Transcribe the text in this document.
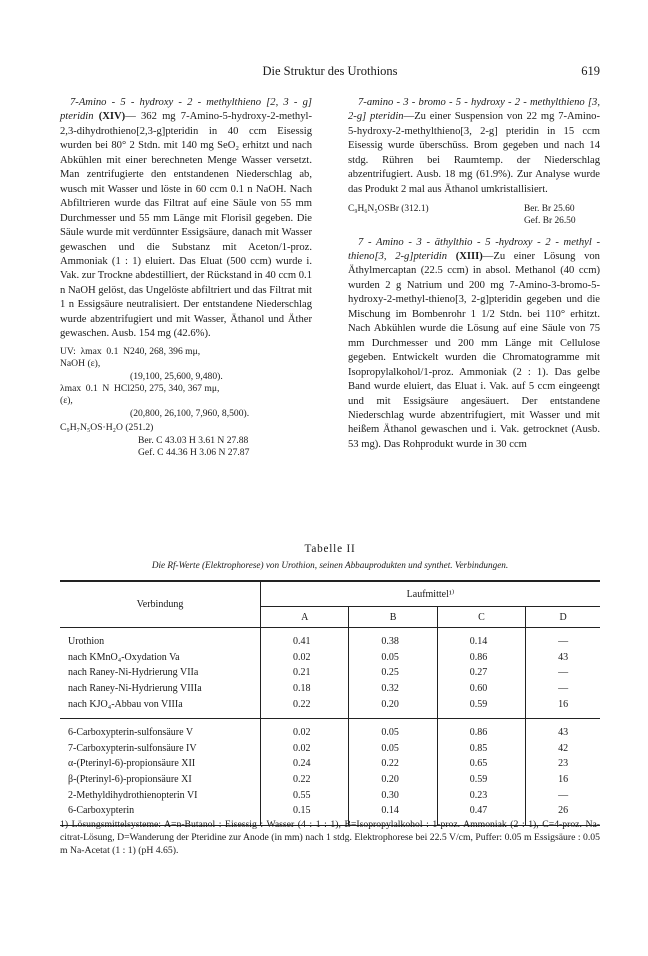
Die Struktur des Urothions	619

7-Amino - 5 - hydroxy - 2 - methylthieno [2, 3 - g] pteridin (XIV)— 362 mg 7-Amino-5-hydroxy-2-methyl-2,3-dihydrothieno[2,3-g]pteridin in 40 ccm Eisessig wurden bei 80° 2 Stdn. mit 140 mg SeO₂ erhitzt und nach Abkühlen mit einer berechneten Menge Wasser versetzt. Man zentrifugierte den entstandenen Niederschlag ab, wusch mit Wasser und löste in 60 ccm 0.1 n NaOH. Nach Abfiltrieren wurde das Filtrat auf eine Säule von 55 mm Durchmesser und 55 mm Länge mit Florisil gegeben. Die Säule wurde mit verdünnter Essigsäure, danach mit Wasser gewaschen und die Substanz mit Aceton/1-proz. Ammoniak (1 : 1) eluiert. Das Eluat (500 ccm) wurde i. Vak. zur Trockne abdestilliert, der Rückstand in 40 ccm 0.1 n NaOH gelöst, das Ungelöste abfiltriert und das Filtrat mit 1 n Essigsäure neutralisiert. Der entstandene Niederschlag wurde abzentrifugiert und mit Wasser, Äthanol und Äther gewaschen. Ausb. 154 mg (42.6%).

UV: λmax 0.1 N NaOH (ε),
240, 268, 396 mμ,
(19,100, 25,600, 9,480).
λmax 0.1 N HCl (ε),
250, 275, 340, 367 mμ,
(20,800, 26,100, 7,960, 8,500).
C₉H₇N₅OS·H₂O (251.2)
Ber. C 43.03 H 3.61 N 27.88
Gef. C 44.36 H 3.06 N 27.87

7-amino - 3 - bromo - 5 - hydroxy - 2 - methylthieno [3, 2-g] pteridin—Zu einer Suspension von 22 mg 7-Amino-5-hydroxy-2-methylthieno[3, 2-g] pteridin in 15 ccm Eisessig wurde überschüss. Brom gegeben und nach 14 stdg. Rühren bei Raumtemp. der Niederschlag abzentrifugiert. Ausb. 18 mg (61.9%). Zur Analyse wurde das Produkt 2 mal aus Äthanol umkristallisiert.

C₉H₆N₅OSBr (312.1)	Ber. Br 25.60
Gef. Br 26.50

7 - Amino - 3 - äthylthio - 5 -hydroxy - 2 - methyl - thieno[3, 2-g]pteridin (XIII)—Zu einer Lösung von Äthylmercaptan (22.5 ccm) in absol. Methanol (40 ccm) wurden 2 g Natrium und 200 mg 7-Amino-3-bromo-5-hydroxy-2-methyl-thieno[3, 2-g]pteridin gegeben und die Mischung im Bombenrohr 1 1/2 Stdn. bei 110° erhitzt. Nach Abkühlen wurde die Lösung auf eine Säule von 75 mm Durchmesser und 200 mm Länge mit Cellulose gegeben. Entwickelt wurden die Chromatogramme mit Isopropylalkohol/1-proz. Ammoniak (2 : 1). Das gelbe Band wurde eluiert, das Eluat i. Vak. auf 5 ccm eingeengt und mit Essigsäure angesäuert. Der entstandene Niederschlag wurde abzentrifugiert, mit Wasser und mit heißem Äthanol gewaschen und i. Vak. getrocknet (Ausb. 53 mg). Das Rohprodukt wurde in 30 ccm

Tabelle II
Die Rf-Werte (Elektrophorese) von Urothion, seinen Abbauprodukten und synthet. Verbindungen.
Verbindung	Laufmittel¹⁾			
	A	B	C	D
Urothion	0.41	0.38	0.14	—
nach KMnO₄-Oxydation Va	0.02	0.05	0.86	43
nach Raney-Ni-Hydrierung VIIa	0.21	0.25	0.27	—
nach Raney-Ni-Hydrierung VIIIa	0.18	0.32	0.60	—
nach KJO₄-Abbau von VIIIa	0.22	0.20	0.59	16
6-Carboxypterin-sulfonsäure V	0.02	0.05	0.86	43
7-Carboxypterin-sulfonsäure IV	0.02	0.05	0.85	42
α-(Pterinyl-6)-propionsäure XII	0.24	0.22	0.65	23
β-(Pterinyl-6)-propionsäure XI	0.22	0.20	0.59	16
2-Methyldihydrothienopterin VI	0.55	0.30	0.23	—
6-Carboxypterin	0.15	0.14	0.47	26

1) Lösungsmittelsysteme: A=n-Butanol : Eisessig : Wasser (4 : 1 : 1), B=Isopropylalkohol : 1-proz. Ammoniak (2 : 1), C=4-proz. Na-citrat-Lösung, D=Wanderung der Pteridine zur Anode (in mm) nach 1 stdg. Elektrophorese bei 22.5 V/cm, Puffer: 0.05 m Essigsäure : 0.05 m Na-Acetat (1 : 1) (pH 4.65).
